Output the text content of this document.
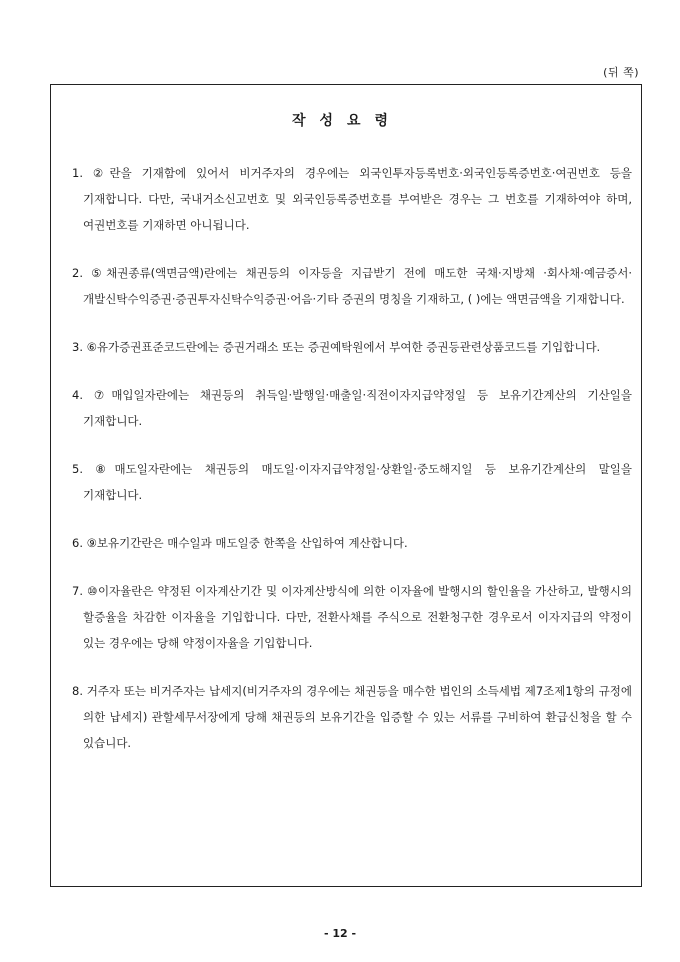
(뒤 쪽)
작성요령
1. ②란을 기재함에 있어서 비거주자의 경우에는 외국인투자등록번호·외국인등록증번호·여권번호 등을 기재합니다. 다만, 국내거소신고번호 및 외국인등록증번호를 부여받은 경우는 그 번호를 기재하여야 하며, 여권번호를 기재하면 아니됩니다.
2. ⑤채권종류(액면금액)란에는 채권등의 이자등을 지급받기 전에 매도한 국채·지방채 ·회사채·예금증서·개발신탁수익증권·증권투자신탁수익증권·어음·기타 증권의 명칭을 기재하고, ( )에는 액면금액을 기재합니다.
3. ⑥유가증권표준코드란에는 증권거래소 또는 증권예탁원에서 부여한 증권등관련상품코드를 기입합니다.
4. ⑦매입일자란에는 채권등의 취득일·발행일·매출일·직전이자지급약정일 등 보유기간계산의 기산일을 기재합니다.
5. ⑧매도일자란에는 채권등의 매도일·이자지급약정일·상환일·중도해지일 등 보유기간계산의 말일을 기재합니다.
6. ⑨보유기간란은 매수일과 매도일중 한쪽을 산입하여 계산합니다.
7. ⑩이자율란은 약정된 이자계산기간 및 이자계산방식에 의한 이자율에 발행시의 할인율을 가산하고, 발행시의 할증율을 차감한 이자율을 기입합니다. 다만, 전환사채를 주식으로 전환청구한 경우로서 이자지급의 약정이 있는 경우에는 당해 약정이자율을 기입합니다.
8. 거주자 또는 비거주자는 납세지(비거주자의 경우에는 채권등을 매수한 법인의 소득세법 제7조제1항의 규정에 의한 납세지) 관할세무서장에게 당해 채권등의 보유기간을 입증할 수 있는 서류를 구비하여 환급신청을 할 수 있습니다.
- 12 -
